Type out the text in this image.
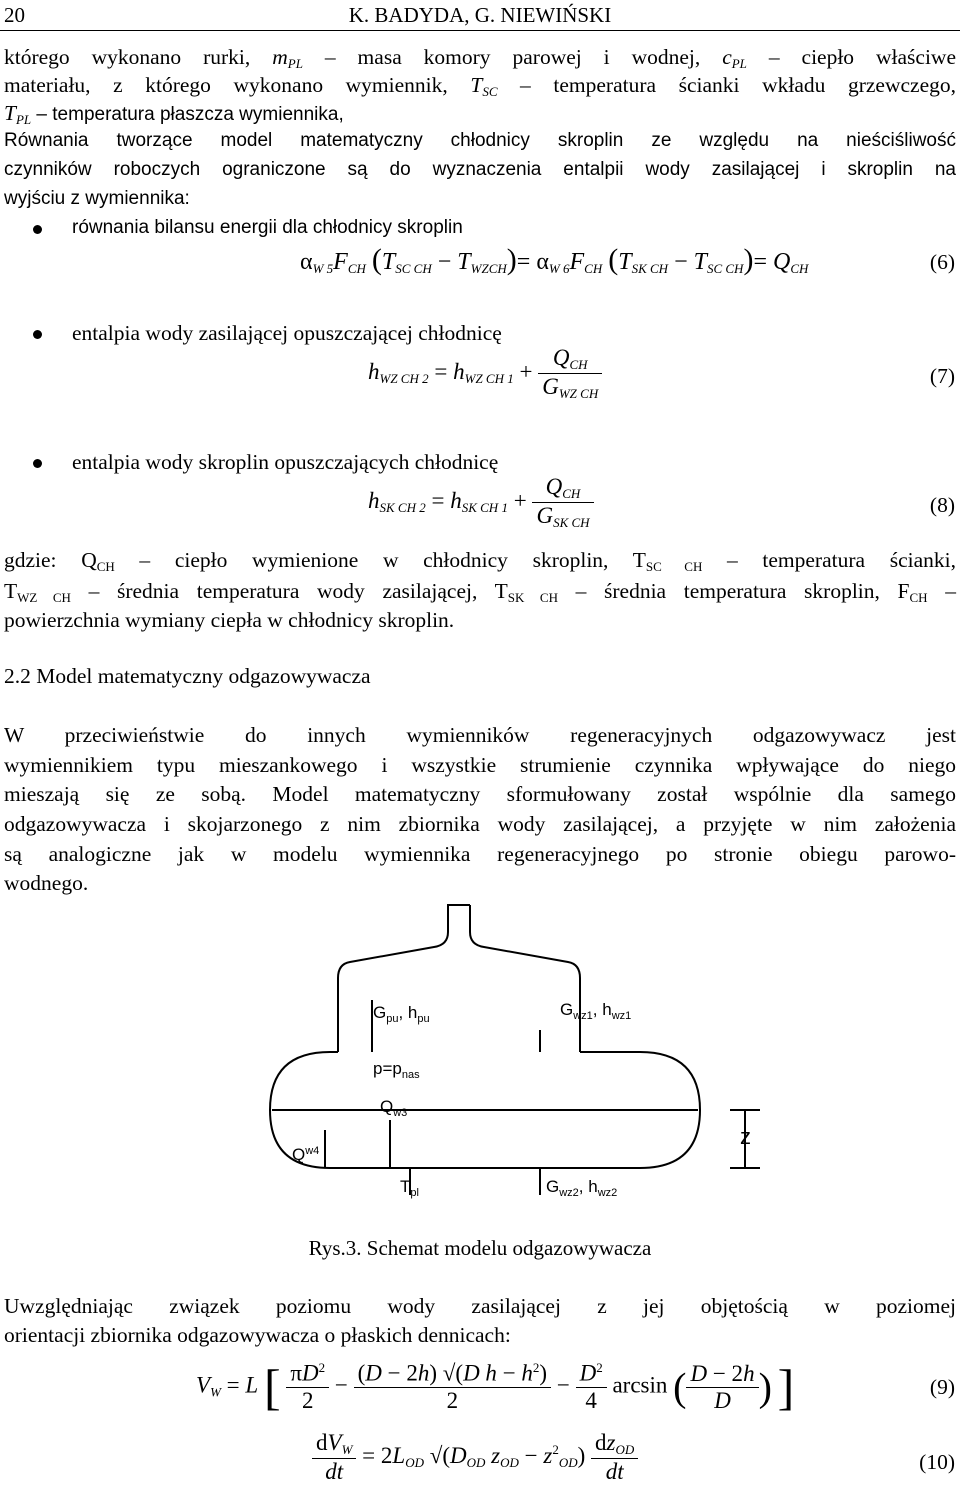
20	K. BADYDA, G. NIEWIŃSKI
którego wykonano rurki, $m_{PL}$ – masa komory parowej i wodnej, $c_{PL}$ – ciepło właściwe
materiału, z którego wykonano wymiennik, $T_{SC}$ – temperatura ścianki wkładu grzewczego,
$T_{PL}$ – temperatura płaszcza wymiennika,
Równania tworzące model matematyczny chłodnicy skroplin ze względu na nieściśliwość
czynników roboczych ograniczone są do wyznaczenia entalpii wody zasilającej i skroplin na
wyjściu z wymiennika:
równania bilansu energii dla chłodnicy skroplin
$\alpha_{W 5}F_{CH}$ $(T_{SC CH} - T_{WZCH})= \alpha_{W 6}F_{CH}$ $(T_{SK CH} - T_{SC CH})= Q_{CH}$	(6)
entalpia wody zasilającej opuszczającej chłodnicę
$h_{WZ CH 2} = h_{WZ CH 1} + \frac{Q_{CH}}{G_{WZ CH}}$	(7)
entalpia wody skroplin opuszczających chłodnicę
$h_{SK CH 2} = h_{SK CH 1} + \frac{Q_{CH}}{G_{SK CH}}$	(8)
gdzie: $Q_{CH}$ – ciepło wymienione w chłodnicy skroplin, $T_{SC CH}$ – temperatura ścianki,
$T_{WZ CH}$ – średnia temperatura wody zasilającej, $T_{SK CH}$ – średnia temperatura skroplin, $F_{CH}$ –
powierzchnia wymiany ciepła w chłodnicy skroplin.
2.2 Model matematyczny odgazowywacza
W przeciwieństwie do innych wymienników regeneracyjnych odgazowywacz jest
wymiennikiem typu mieszankowego i wszystkie strumienie czynnika wpływające do niego
mieszają się ze sobą. Model matematyczny sformułowany został wspólnie dla samego
odgazowywacza i skojarzonego z nim zbiornika wody zasilającej, a przyjęte w nim założenia
są analogiczne jak w modelu wymiennika regeneracyjnego po stronie obiegu parowo-
wodnego.
$G_{pu}$, $h_{pu}$	$G_{wz1}$, $h_{wz1}$
$p=p_{nas}$
$Q_{w3}$
$Q^{w4}$
z
$T_{pl}$	$G_{wz2}$, $h_{wz2}$
Rys.3. Schemat modelu odgazowywacza
Uwzględniając związek poziomu wody zasilającej z jej objętością w poziomej
orientacji zbiornika odgazowywacza o płaskich dennicach:
$V_W = L$ [ $\frac{\pi D^2}{2} - \frac{(D - 2h) √(D h - h^2)}{2} - \frac{D^2}{4}$ arcsin ( $\frac{D - 2h}{D}$ ) ]	(9)
$\frac{dV_W}{dt} = 2L_{OD}$ $√(D_{OD}$ $z_{OD} - z^2_{OD}) \frac{dz_{OD}}{dt}$	(10)
